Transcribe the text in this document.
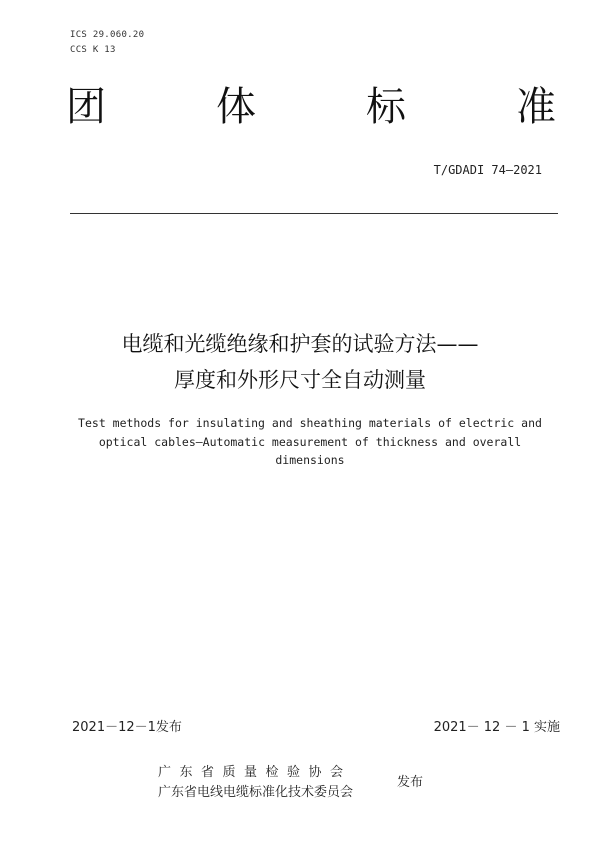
ICS 29.060.20
CCS K 13
团	体	标	准
T/GDADI 74—2021
电缆和光缆绝缘和护套的试验方法——
厚度和外形尺寸全自动测量
Test methods for insulating and sheathing materials of electric and
optical cables—Automatic measurement of thickness and overall
dimensions
2021－12－1发布	2021－ 12 － 1 实施
广东省质量检验协会
广东省电线电缆标准化技术委员会
发布
